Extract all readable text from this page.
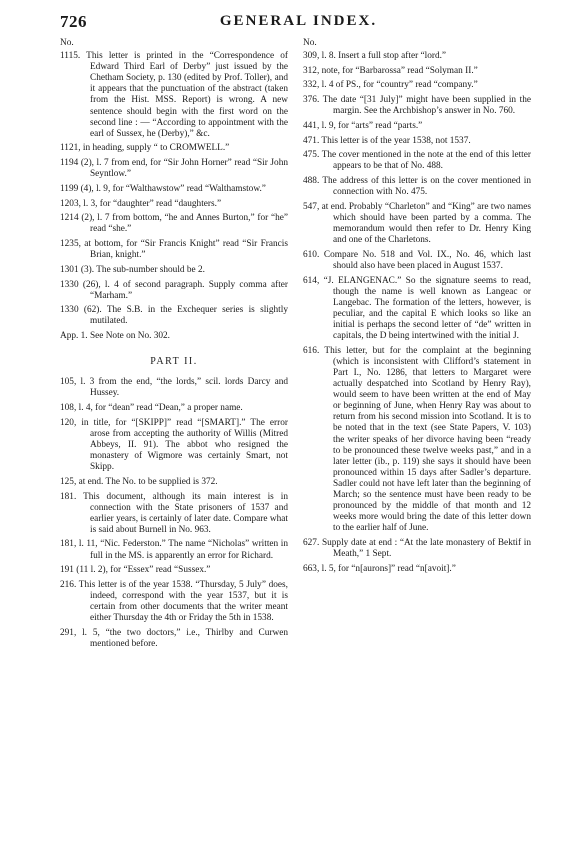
726	GENERAL INDEX.
No.
1115. This letter is printed in the “Correspondence of Edward Third Earl of Derby” just issued by the Chetham Society, p. 130 (edited by Prof. Toller), and it appears that the punctuation of the abstract (taken from the Hist. MSS. Report) is wrong. A new sentence should begin with the first word on the second line : — “According to appointment with the earl of Sussex, he (Derby),” &c.
1121, in heading, supply “ to CROMWELL.”
1194 (2), l. 7 from end, for “Sir John Horner” read “Sir John Seyntlow.”
1199 (4), l. 9, for “Walthawstow” read “Walthamstow.”
1203, l. 3, for “daughter” read “daughters.”
1214 (2), l. 7 from bottom, “he and Annes Burton,” for “he” read “she.”
1235, at bottom, for “Sir Francis Knight” read “Sir Francis Brian, knight.”
1301 (3). The sub-number should be 2.
1330 (26), l. 4 of second paragraph. Supply comma after “Marham.”
1330 (62). The S.B. in the Exchequer series is slightly mutilated.
App. 1. See Note on No. 302.
PART II.
105, l. 3 from the end, “the lords,” scil. lords Darcy and Hussey.
108, l. 4, for “dean” read “Dean,” a proper name.
120, in title, for “[SKIPP]” read “[SMART].” The error arose from accepting the authority of Willis (Mitred Abbeys, II. 91). The abbot who resigned the monastery of Wigmore was certainly Smart, not Skipp.
125, at end. The No. to be supplied is 372.
181. This document, although its main interest is in connection with the State prisoners of 1537 and earlier years, is certainly of later date. Compare what is said about Burnell in No. 963.
181, l. 11, “Nic. Federston.” The name “Nicholas” written in full in the MS. is apparently an error for Richard.
191 (11 l. 2), for “Essex” read “Sussex.”
216. This letter is of the year 1538. “Thursday, 5 July” does, indeed, correspond with the year 1537, but it is certain from other documents that the writer meant either Thursday the 4th or Friday the 5th in 1538.
291, l. 5, “the two doctors,” i.e., Thirlby and Curwen mentioned before.
No.
309, l. 8. Insert a full stop after “lord.”
312, note, for “Barbarossa” read “Solyman II.”
332, l. 4 of PS., for “country” read “company.”
376. The date “[31 July]” might have been supplied in the margin. See the Archbishop’s answer in No. 760.
441, l. 9, for “arts” read “parts.”
471. This letter is of the year 1538, not 1537.
475. The cover mentioned in the note at the end of this letter appears to be that of No. 488.
488. The address of this letter is on the cover mentioned in connection with No. 475.
547, at end. Probably “Charleton” and “King” are two names which should have been parted by a comma. The memorandum would then refer to Dr. Henry King and one of the Charletons.
610. Compare No. 518 and Vol. IX., No. 46, which last should also have been placed in August 1537.
614, “J. ELANGENAC.” So the signature seems to read, though the name is well known as Langeac or Langebac. The formation of the letters, however, is peculiar, and the capital E which looks so like an initial is perhaps the second letter of “de” written in capitals, the D being intertwined with the initial J.
616. This letter, but for the complaint at the beginning (which is inconsistent with Clifford’s statement in Part I., No. 1286, that letters to Margaret were actually despatched into Scotland by Henry Ray), would seem to have been written at the end of May or beginning of June, when Henry Ray was about to return from his second mission into Scotland. It is to be noted that in the text (see State Papers, V. 103) the writer speaks of her divorce having been “ready to be pronounced these twelve weeks past,” and in a later letter (ib., p. 119) she says it should have been pronounced within 15 days after Sadler’s departure. Sadler could not have left later than the beginning of March; so the sentence must have been ready to be pronounced by the middle of that month and 12 weeks more would bring the date of this letter down to the earlier half of June.
627. Supply date at end : “At the late monastery of Bektif in Meath,” 1 Sept.
663, l. 5, for “n[aurons]” read “n[avoit].”
